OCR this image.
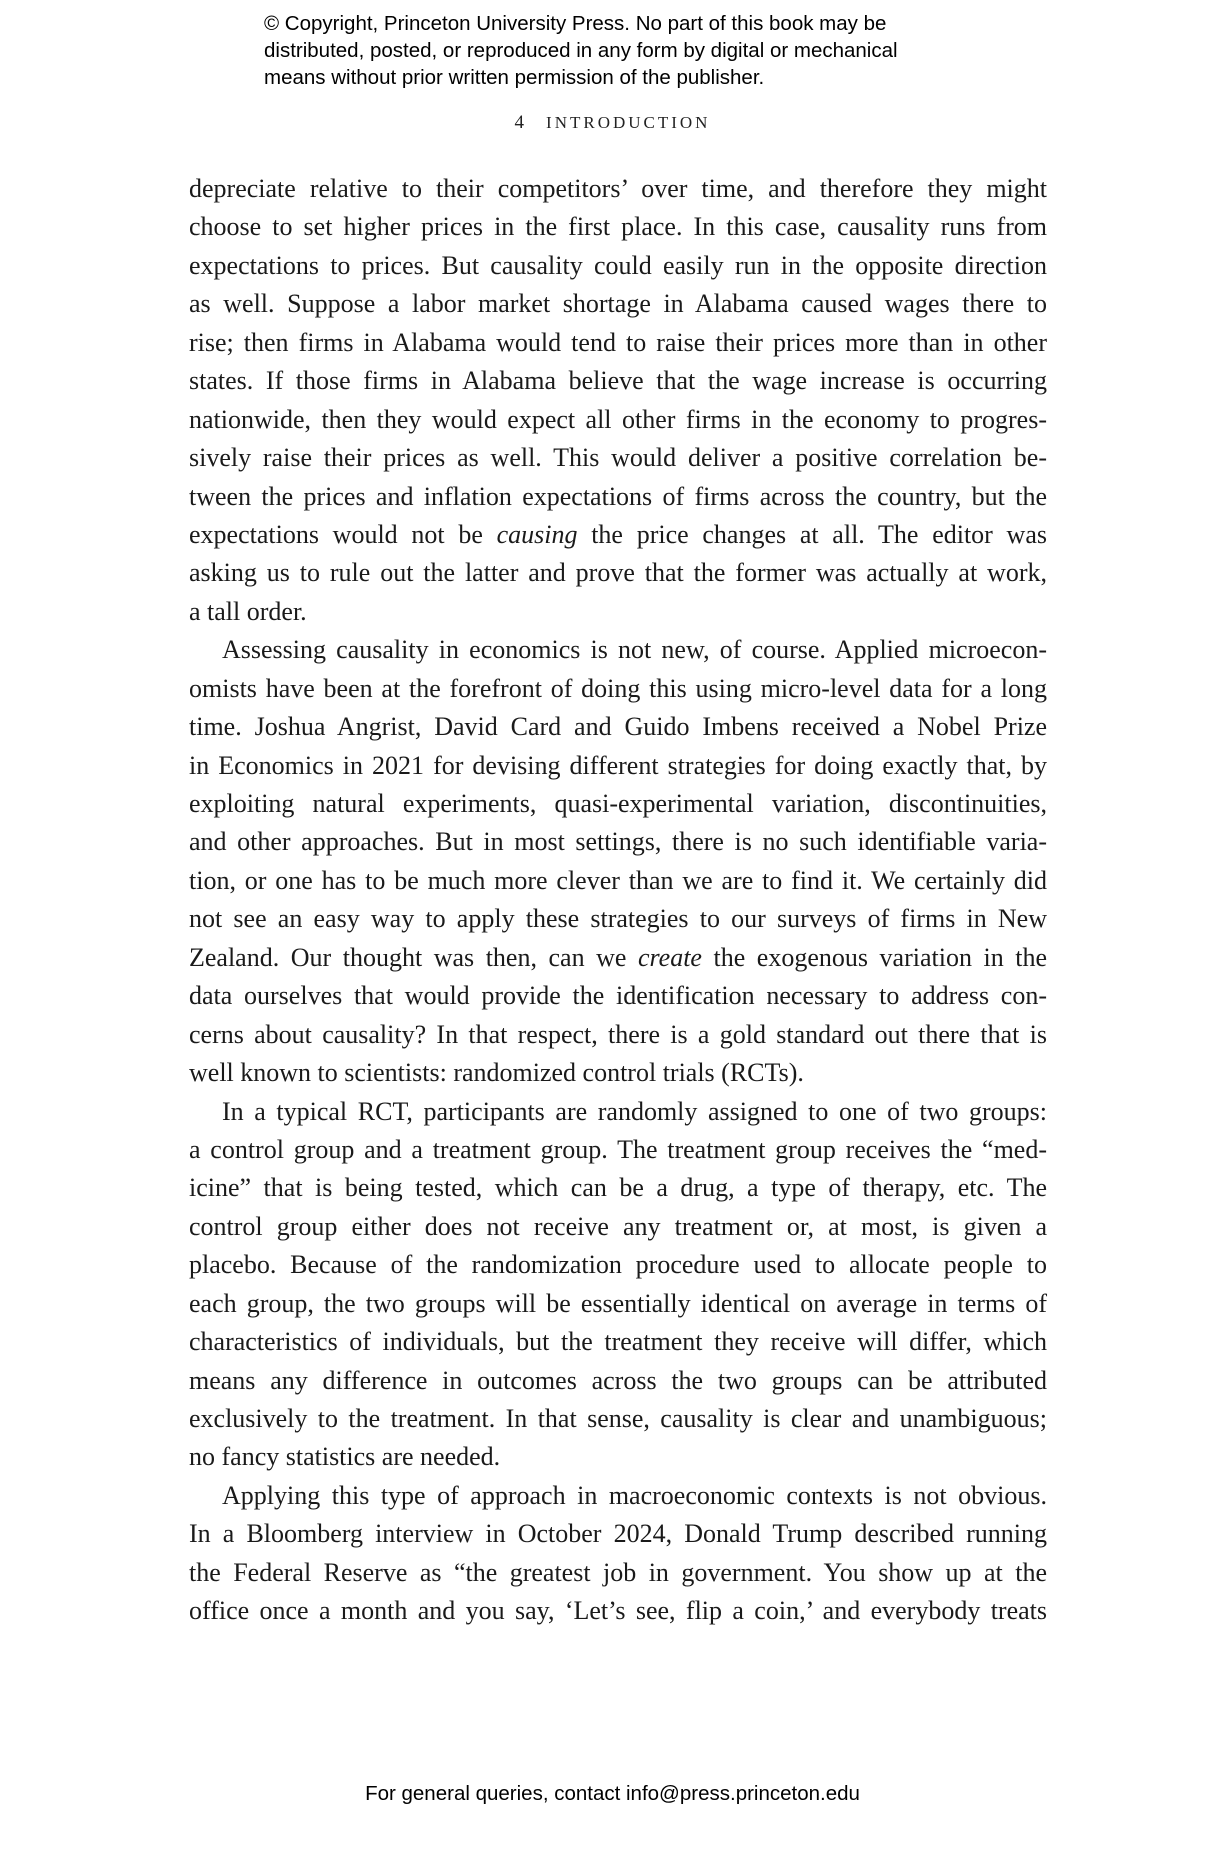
© Copyright, Princeton University Press. No part of this book may be
distributed, posted, or reproduced in any form by digital or mechanical
means without prior written permission of the publisher.
4 INTRODUCTION
depreciate relative to their competitors’ over time, and therefore they might
choose to set higher prices in the first place. In this case, causality runs from
expectations to prices. But causality could easily run in the opposite direction
as well. Suppose a labor market shortage in Alabama caused wages there to
rise; then firms in Alabama would tend to raise their prices more than in other
states. If those firms in Alabama believe that the wage increase is occurring
nationwide, then they would expect all other firms in the economy to progres-
sively raise their prices as well. This would deliver a positive correlation be-
tween the prices and inflation expectations of firms across the country, but the
expectations would not be causing the price changes at all. The editor was
asking us to rule out the latter and prove that the former was actually at work,
a tall order.
Assessing causality in economics is not new, of course. Applied microecon-
omists have been at the forefront of doing this using micro-level data for a long
time. Joshua Angrist, David Card and Guido Imbens received a Nobel Prize
in Economics in 2021 for devising different strategies for doing exactly that, by
exploiting natural experiments, quasi-experimental variation, discontinuities,
and other approaches. But in most settings, there is no such identifiable varia-
tion, or one has to be much more clever than we are to find it. We certainly did
not see an easy way to apply these strategies to our surveys of firms in New
Zealand. Our thought was then, can we create the exogenous variation in the
data ourselves that would provide the identification necessary to address con-
cerns about causality? In that respect, there is a gold standard out there that is
well known to scientists: randomized control trials (RCTs).
In a typical RCT, participants are randomly assigned to one of two groups:
a control group and a treatment group. The treatment group receives the “med-
icine” that is being tested, which can be a drug, a type of therapy, etc. The
control group either does not receive any treatment or, at most, is given a
placebo. Because of the randomization procedure used to allocate people to
each group, the two groups will be essentially identical on average in terms of
characteristics of individuals, but the treatment they receive will differ, which
means any difference in outcomes across the two groups can be attributed
exclusively to the treatment. In that sense, causality is clear and unambiguous;
no fancy statistics are needed.
Applying this type of approach in macroeconomic contexts is not obvious.
In a Bloomberg interview in October 2024, Donald Trump described running
the Federal Reserve as “the greatest job in government. You show up at the
office once a month and you say, ‘Let’s see, flip a coin,’ and everybody treats
For general queries, contact info@press.princeton.edu
